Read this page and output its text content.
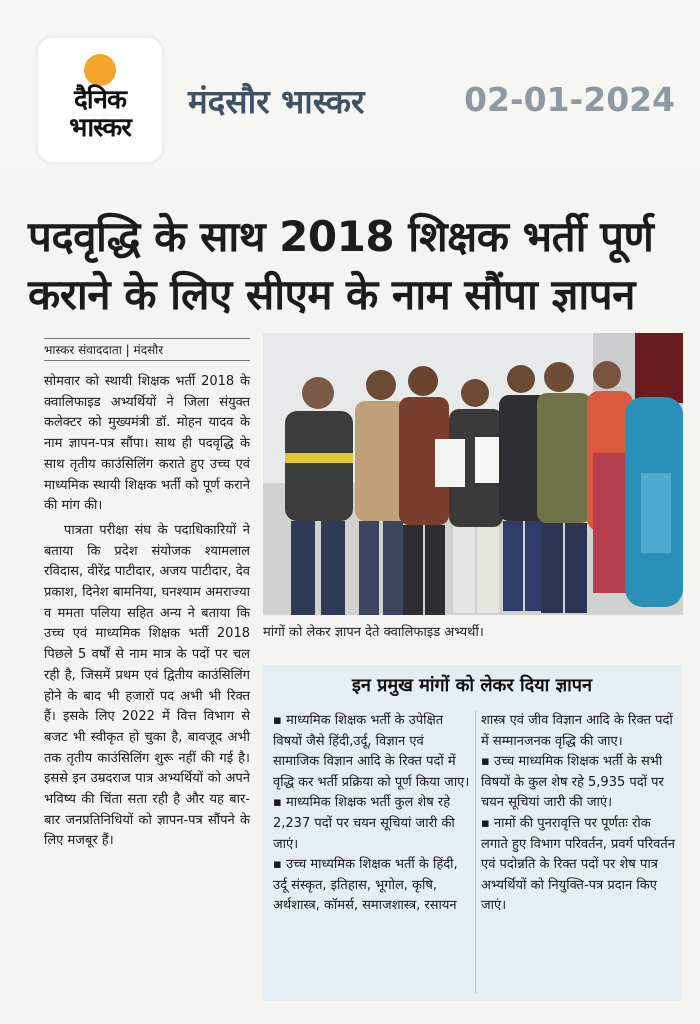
दैनिक
भास्कर
मंदसौर भास्कर	02-01-2024
पदवृद्धि के साथ 2018 शिक्षक भर्ती पूर्ण
कराने के लिए सीएम के नाम सौंपा ज्ञापन
भास्कर संवाददाता | मंदसौर

सोमवार को स्थायी शिक्षक भर्ती 2018 के क्वालिफाइड अभ्यर्थियों ने जिला संयुक्त कलेक्टर को मुख्यमंत्री डॉ. मोहन यादव के नाम ज्ञापन-पत्र सौंपा। साथ ही पदवृद्धि के साथ तृतीय काउंसिलिंग कराते हुए उच्च एवं माध्यमिक स्थायी शिक्षक भर्ती को पूर्ण कराने की मांग की।

पात्रता परीक्षा संघ के पदाधिकारियों ने बताया कि प्रदेश संयोजक श्यामलाल रविदास, वीरेंद्र पाटीदार, अजय पाटीदार, देव प्रकाश, दिनेश बामनिया, घनश्याम अमराज्या व ममता पलिया सहित अन्य ने बताया कि उच्च एवं माध्यमिक शिक्षक भर्ती 2018 पिछले 5 वर्षों से नाम मात्र के पदों पर चल रही है, जिसमें प्रथम एवं द्वितीय काउंसिलिंग होने के बाद भी हजारों पद अभी भी रिक्त हैं। इसके लिए 2022 में वित्त विभाग से बजट भी स्वीकृत हो चुका है, बावजूद अभी तक तृतीय काउंसिलिंग शुरू नहीं की गई है। इससे इन उम्रदराज पात्र अभ्यर्थियों को अपने भविष्य की चिंता सता रही है और यह बार-बार जनप्रतिनिधियों को ज्ञापन-पत्र सौंपने के लिए मजबूर हैं।

मांगों को लेकर ज्ञापन देते क्वालिफाइड अभ्यर्थी।
इन प्रमुख मांगों को लेकर दिया ज्ञापन

▪ माध्यमिक शिक्षक भर्ती के उपेक्षित विषयों जैसे हिंदी,उर्दू, विज्ञान एवं सामाजिक विज्ञान आदि के रिक्त पदों में वृद्धि कर भर्ती प्रक्रिया को पूर्ण किया जाए।

▪ माध्यमिक शिक्षक भर्ती कुल शेष रहे 2,237 पदों पर चयन सूचियां जारी की जाएं।

▪ उच्च माध्यमिक शिक्षक भर्ती के हिंदी, उर्दू संस्कृत, इतिहास, भूगोल, कृषि, अर्थशास्त्र, कॉमर्स, समाजशास्त्र, रसायन

शास्त्र एवं जीव विज्ञान आदि के रिक्त पदों में सम्मानजनक वृद्धि की जाए।

▪ उच्च माध्यमिक शिक्षक भर्ती के सभी विषयों के कुल शेष रहे 5,935 पदों पर चयन सूचियां जारी की जाएं।

▪ नामों की पुनरावृत्ति पर पूर्णतः रोक लगाते हुए विभाग परिवर्तन, प्रवर्ग परिवर्तन एवं पदोन्नति के रिक्त पदों पर शेष पात्र अभ्यर्थियों को नियुक्ति-पत्र प्रदान किए जाएं।
